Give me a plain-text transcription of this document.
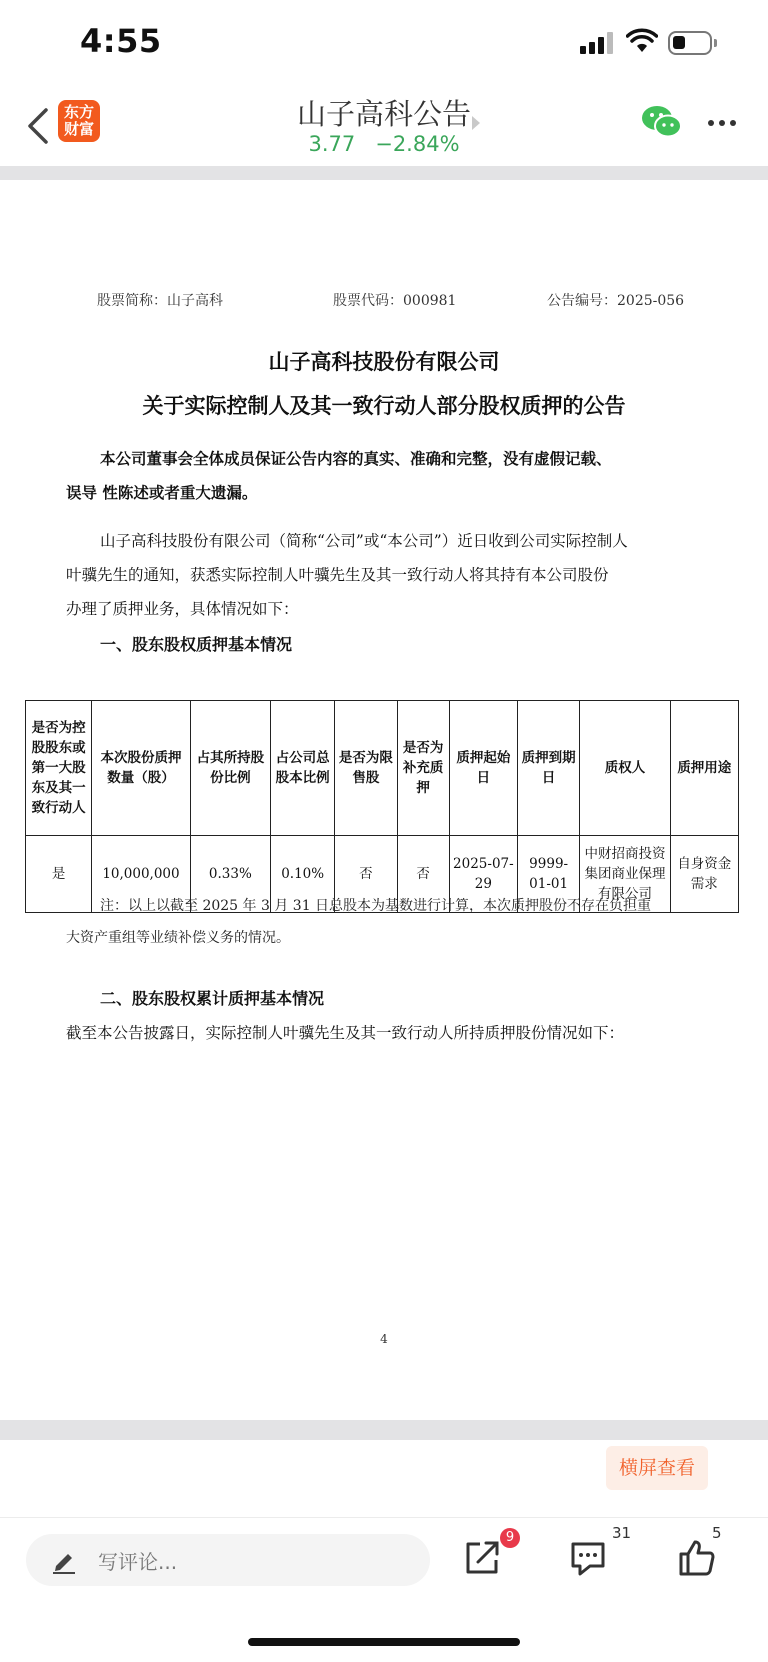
4:55
东方
财富	山子高科公告
3.77 −2.84%
股票简称：山子高科	股票代码：000981	公告编号：2025-056
山子高科技股份有限公司
关于实际控制人及其一致行动人部分股权质押的公告
本公司董事会全体成员保证公告内容的真实、准确和完整，没有虚假记载、
误导 性陈述或者重大遗漏。
山子高科技股份有限公司（简称“公司”或“本公司”）近日收到公司实际控制人
叶骥先生的通知，获悉实际控制人叶骥先生及其一致行动人将其持有本公司股份
办理了质押业务，具体情况如下：
一、股东股权质押基本情况
是否为控股股东或第一大股东及其一致行动人	本次股份质押数量（股）	占其所持股份比例	占公司总股本比例	是否为限售股	是否为补充质押	质押起始日	质押到期日	质权人	质押用途
是	10,000,000	0.33%	0.10%	否	否	2025-07-29	9999-01-01	中财招商投资集团商业保理有限公司	自身资金需求
注：以上以截至 2025 年 3 月 31 日总股本为基数进行计算，本次质押股份不存在负担重
大资产重组等业绩补偿义务的情况。
二、股东股权累计质押基本情况
截至本公告披露日，实际控制人叶骥先生及其一致行动人所持质押股份情况如下：
4
横屏查看
写评论...
9	31	5
